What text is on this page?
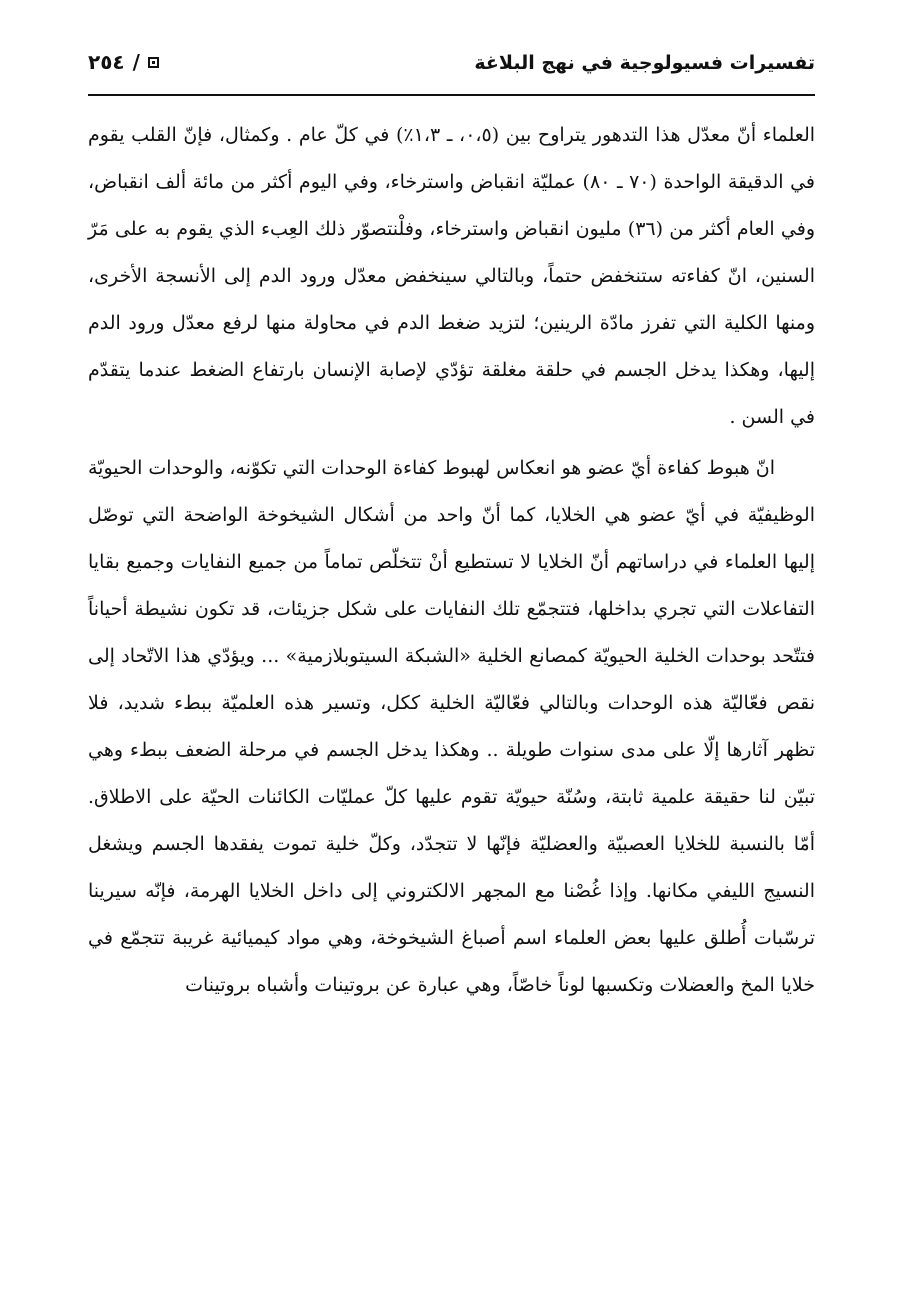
تفسيرات فسيولوجية في نهج البلاغة
٢٥٤ /

العلماء أنّ معدّل هذا التدهور يتراوح بين (٠،٥، ـ ١،٣٪) في كلّ عام . وكمثال، فإنّ القلب يقوم في الدقيقة الواحدة (٧٠ ـ ٨٠) عمليّة انقباض واسترخاء، وفي اليوم أكثر من مائة ألف انقباض، وفي العام أكثر من (٣٦) مليون انقباض واسترخاء، وفلْنتصوّر ذلك العِبء الذي يقوم به على مَرّ السنين، انّ كفاءته ستنخفض حتماً، وبالتالي سينخفض معدّل ورود الدم إلى الأنسجة الأخرى، ومنها الكلية التي تفرز مادّة الرينين؛ لتزيد ضغط الدم في محاولة منها لرفع معدّل ورود الدم إليها، وهكذا يدخل الجسم في حلقة مغلقة تؤدّي لإصابة الإنسان بارتفاع الضغط عندما يتقدّم في السن .

انّ هبوط كفاءة أيّ عضو هو انعكاس لهبوط كفاءة الوحدات التي تكوّنه، والوحدات الحيويّة الوظيفيّة في أيّ عضو هي الخلايا، كما أنّ واحد من أشكال الشيخوخة الواضحة التي توصّل إليها العلماء في دراساتهم أنّ الخلايا لا تستطيع أنْ تتخلّص تماماً من جميع النفايات وجميع بقايا التفاعلات التي تجري بداخلها، فتتجمّع تلك النفايات على شكل جزيئات، قد تكون نشيطة أحياناً فتتّحد بوحدات الخلية الحيويّة كمصانع الخلية «الشبكة السيتوبلازمية» ... ويؤدّي هذا الاتّحاد إلى نقص فعّاليّة هذه الوحدات وبالتالي فعّاليّة الخلية ككل، وتسير هذه العلميّة ببطء شديد، فلا تظهر آثارها إلّا على مدى سنوات طويلة .. وهكذا يدخل الجسم في مرحلة الضعف ببطء وهي تبيّن لنا حقيقة علمية ثابتة، وسُنّة حيويّة تقوم عليها كلّ عمليّات الكائنات الحيّة على الاطلاق. أمّا بالنسبة للخلايا العصبيّة والعضليّة فإنّها لا تتجدّد، وكلّ خلية تموت يفقدها الجسم ويشغل النسيج الليفي مكانها. وإذا غُصْنا مع المجهر الالكتروني إلى داخل الخلايا الهرمة، فإنّه سيرينا ترسّبات أُطلق عليها بعض العلماء اسم أصباغ الشيخوخة، وهي مواد كيميائية غريبة تتجمّع في خلايا المخ والعضلات وتكسبها لوناً خاصّاً، وهي عبارة عن بروتينات وأشباه بروتينات
